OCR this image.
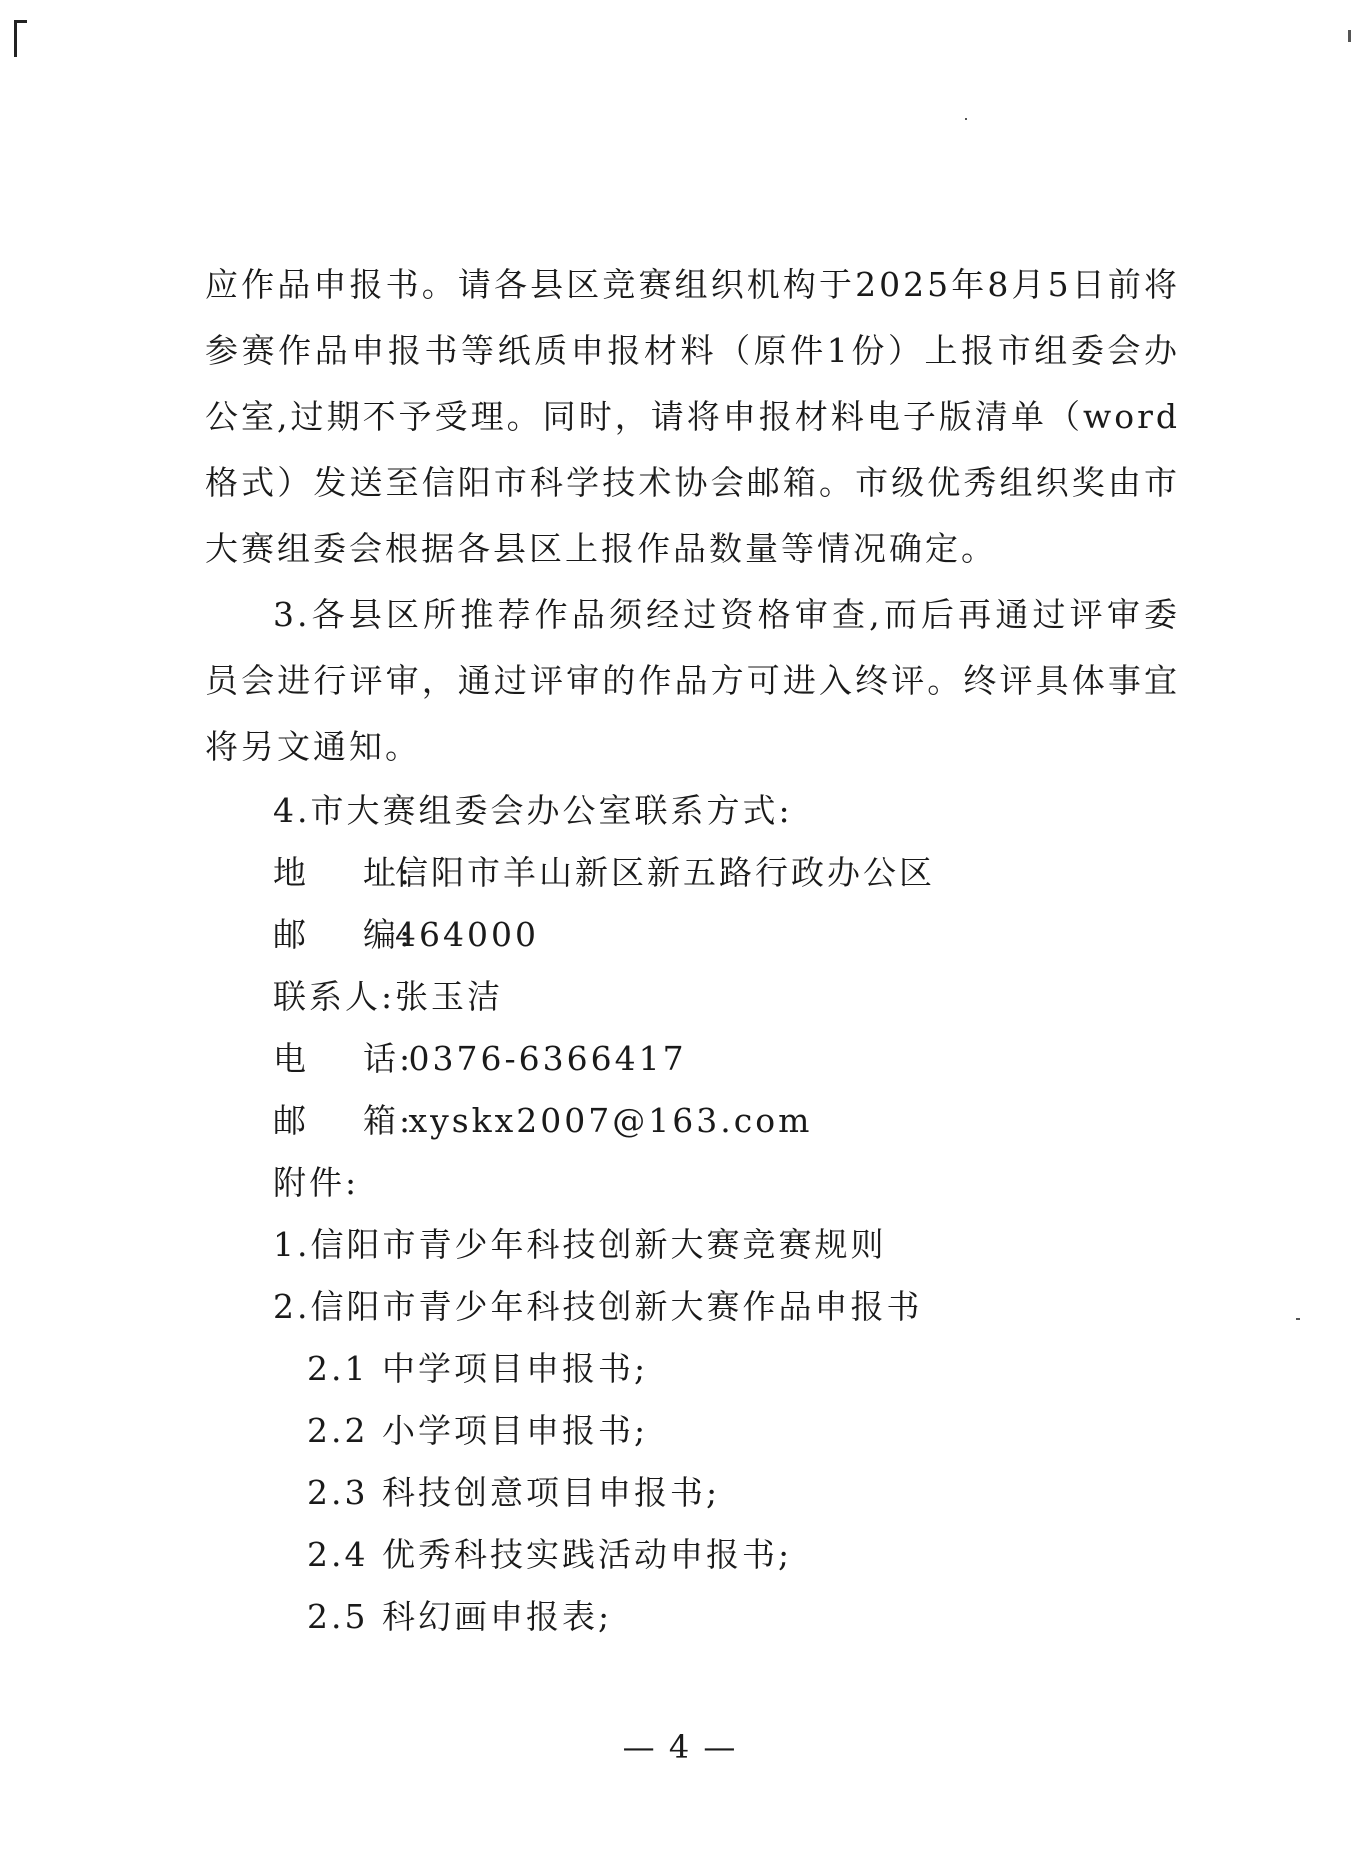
应作品申报书。请各县区竞赛组织机构于2025年8月5日前将参赛作品申报书等纸质申报材料（原件1份）上报市组委会办公室,过期不予受理。同时，请将申报材料电子版清单（word格式）发送至信阳市科学技术协会邮箱。市级优秀组织奖由市大赛组委会根据各县区上报作品数量等情况确定。

3.各县区所推荐作品须经过资格审查,而后再通过评审委员会进行评审，通过评审的作品方可进入终评。终评具体事宜将另文通知。

4.市大赛组委会办公室联系方式:

地    址:
信阳市羊山新区新五路行政办公区
邮    编:
464000
联系人: 张玉洁
电    话:
0376-6366417
邮    箱:
xyskx2007@163.com

附件:

1.信阳市青少年科技创新大赛竞赛规则

2.信阳市青少年科技创新大赛作品申报书

2.1 中学项目申报书;

2.2 小学项目申报书;

2.3 科技创意项目申报书;

2.4 优秀科技实践活动申报书;

2.5 科幻画申报表;

— 4 —
